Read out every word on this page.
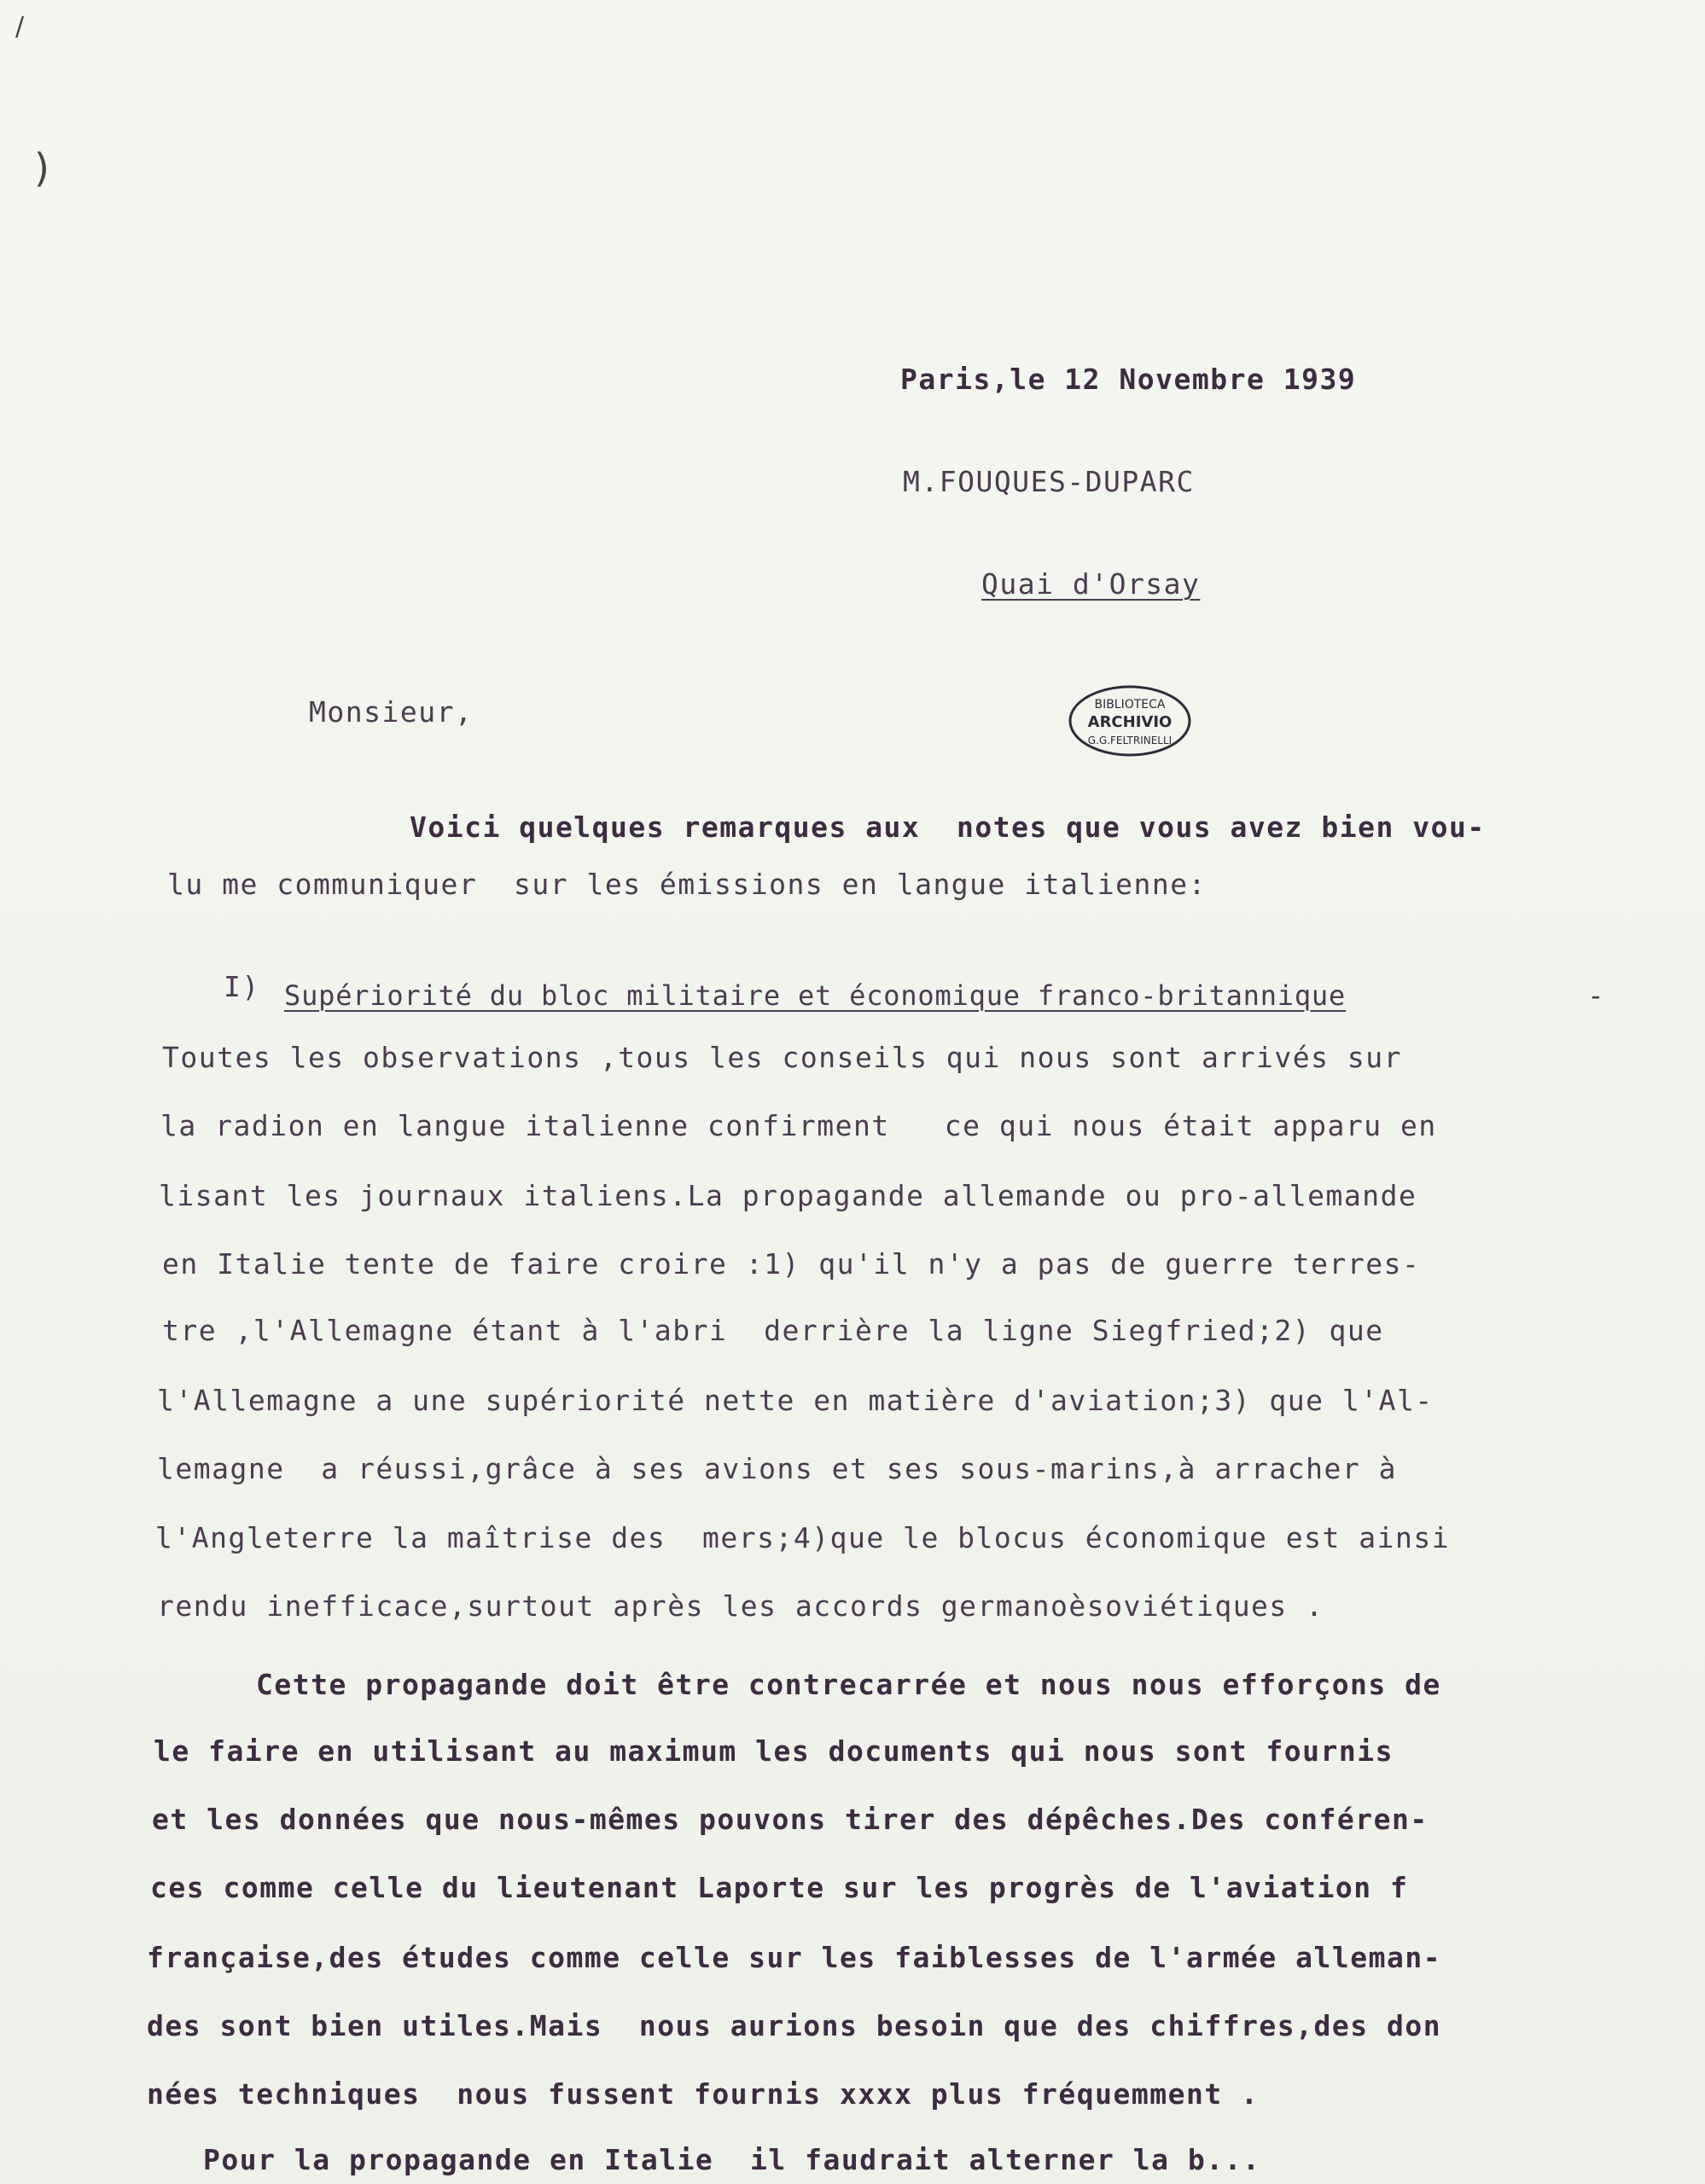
/
)
Paris,le 12 Novembre 1939
M.FOUQUES-DUPARC
Quai d'Orsay
Monsieur,	BIBLIOTECA
ARCHIVIO
G.G.FELTRINELLI
Voici quelques remarques aux  notes que vous avez bien vou-
lu me communiquer  sur les émissions en langue italienne:
I) Supériorité du bloc militaire et économique franco-britannique	-
Toutes les observations ,tous les conseils qui nous sont arrivés sur
la radion en langue italienne confirment   ce qui nous était apparu en
lisant les journaux italiens.La propagande allemande ou pro-allemande
en Italie tente de faire croire :1) qu'il n'y a pas de guerre terres-
tre ,l'Allemagne étant à l'abri  derrière la ligne Siegfried;2) que
l'Allemagne a une supériorité nette en matière d'aviation;3) que l'Al-
lemagne  a réussi,grâce à ses avions et ses sous-marins,à arracher à
l'Angleterre la maîtrise des  mers;4)que le blocus économique est ainsi
rendu inefficace,surtout après les accords germanoèsoviétiques .
Cette propagande doit être contrecarrée et nous nous efforçons de
le faire en utilisant au maximum les documents qui nous sont fournis
et les données que nous-mêmes pouvons tirer des dépêches.Des conféren-
ces comme celle du lieutenant Laporte sur les progrès de l'aviation f
française,des études comme celle sur les faiblesses de l'armée alleman-
des sont bien utiles.Mais  nous aurions besoin que des chiffres,des don
nées techniques  nous fussent fournis xxxx plus fréquemment .
Pour la propagande en Italie  il faudrait alterner la b...
